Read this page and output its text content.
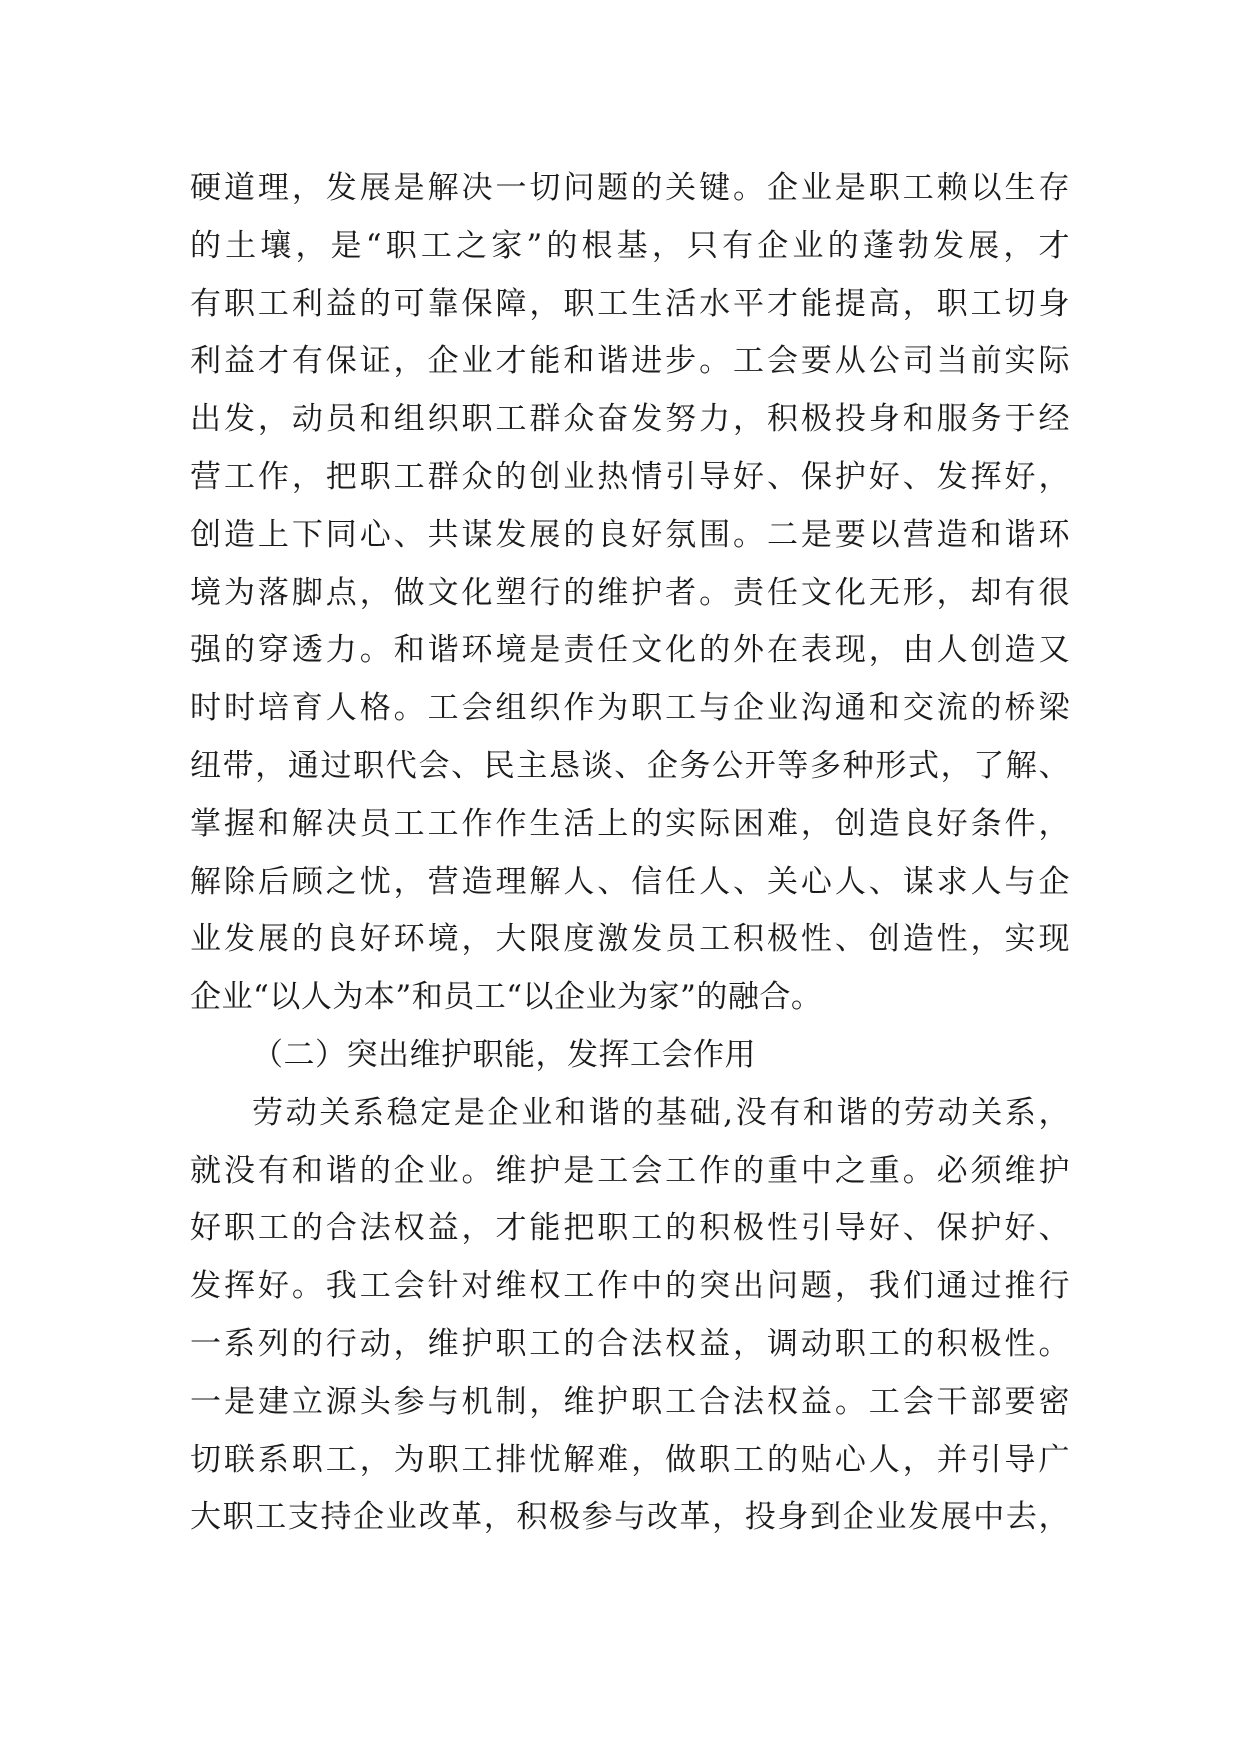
硬道理，发展是解决一切问题的关键。企业是职工赖以生存
的土壤，是“职工之家”的根基，只有企业的蓬勃发展，才
有职工利益的可靠保障，职工生活水平才能提高，职工切身
利益才有保证，企业才能和谐进步。工会要从公司当前实际
出发，动员和组织职工群众奋发努力，积极投身和服务于经
营工作，把职工群众的创业热情引导好、保护好、发挥好，
创造上下同心、共谋发展的良好氛围。二是要以营造和谐环
境为落脚点，做文化塑行的维护者。责任文化无形，却有很
强的穿透力。和谐环境是责任文化的外在表现，由人创造又
时时培育人格。工会组织作为职工与企业沟通和交流的桥梁
纽带，通过职代会、民主恳谈、企务公开等多种形式，了解、
掌握和解决员工工作作生活上的实际困难，创造良好条件，
解除后顾之忧，营造理解人、信任人、关心人、谋求人与企
业发展的良好环境，大限度激发员工积极性、创造性，实现
企业“以人为本”和员工“以企业为家”的融合。
（二）突出维护职能，发挥工会作用
劳动关系稳定是企业和谐的基础,没有和谐的劳动关系，
就没有和谐的企业。维护是工会工作的重中之重。必须维护
好职工的合法权益，才能把职工的积极性引导好、保护好、
发挥好。我工会针对维权工作中的突出问题，我们通过推行
一系列的行动，维护职工的合法权益，调动职工的积极性。
一是建立源头参与机制，维护职工合法权益。工会干部要密
切联系职工，为职工排忧解难，做职工的贴心人，并引导广
大职工支持企业改革，积极参与改革，投身到企业发展中去，
